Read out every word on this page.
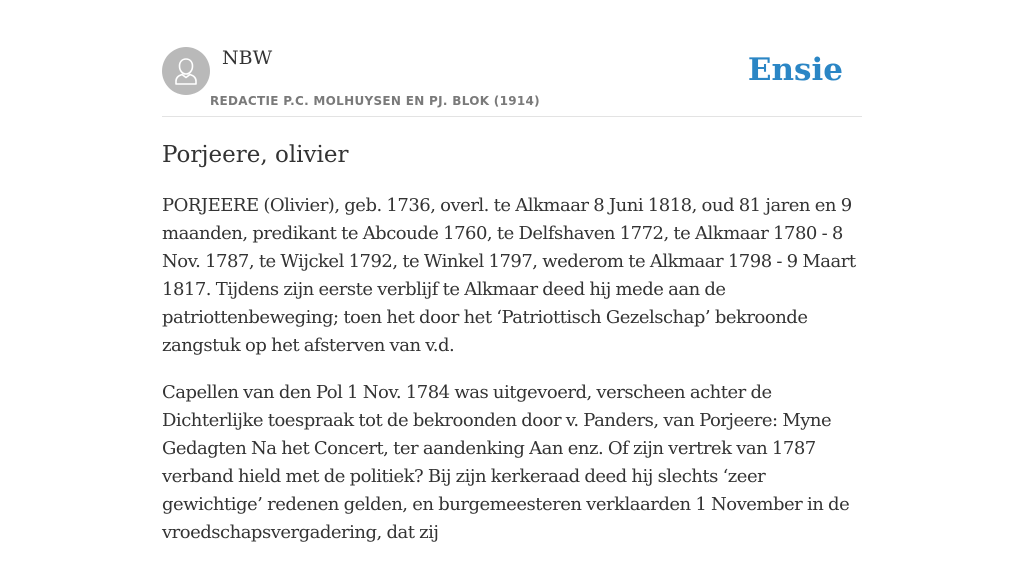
NBW
REDACTIE P.C. MOLHUYSEN EN PJ. BLOK (1914)
Ensie
Porjeere, olivier

PORJEERE (Olivier), geb. 1736, overl. te Alkmaar 8 Juni 1818, oud 81 jaren en 9 maanden, predikant te Abcoude 1760, te Delfshaven 1772, te Alkmaar 1780 - 8 Nov. 1787, te Wijckel 1792, te Winkel 1797, wederom te Alkmaar 1798 - 9 Maart 1817. Tijdens zijn eerste verblijf te Alkmaar deed hij mede aan de patriottenbeweging; toen het door het ‘Patriottisch Gezelschap’ bekroonde zangstuk op het afsterven van v.d.

Capellen van den Pol 1 Nov. 1784 was uitgevoerd, verscheen achter de Dichterlijke toespraak tot de bekroonden door v. Panders, van Porjeere: Myne Gedagten Na het Concert, ter aandenking Aan enz. Of zijn vertrek van 1787 verband hield met de politiek? Bij zijn kerkeraad deed hij slechts ‘zeer gewichtige’ redenen gelden, en burgemeesteren verklaarden 1 November in de vroedschapsvergadering, dat zij
